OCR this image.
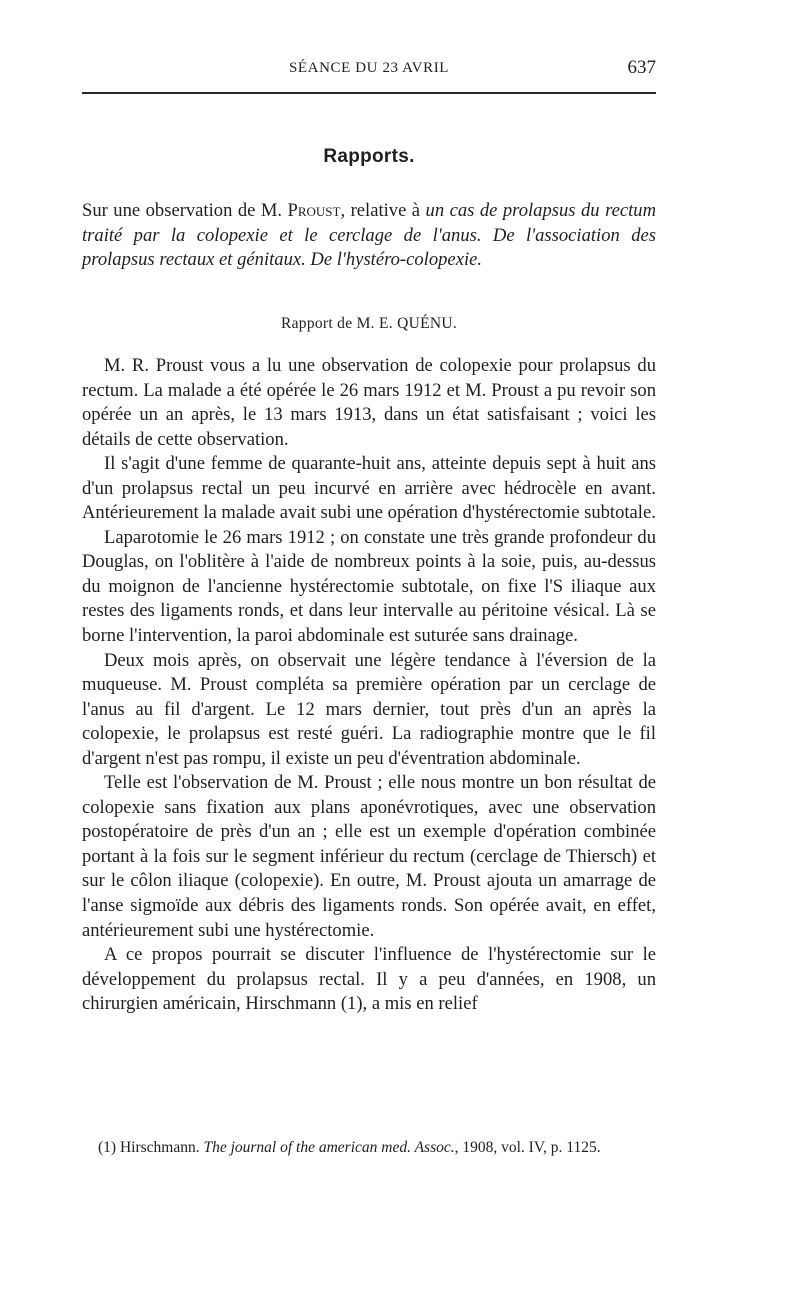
SÉANCE DU 23 AVRIL	637
Rapports.

Sur une observation de M. Proust, relative à un cas de prolapsus du rectum traité par la colopexie et le cerclage de l'anus. De l'association des prolapsus rectaux et génitaux. De l'hystéro-colopexie.

Rapport de M. E. QUÉNU.

M. R. Proust vous a lu une observation de colopexie pour prolapsus du rectum. La malade a été opérée le 26 mars 1912 et M. Proust a pu revoir son opérée un an après, le 13 mars 1913, dans un état satisfaisant ; voici les détails de cette observation.

Il s'agit d'une femme de quarante-huit ans, atteinte depuis sept à huit ans d'un prolapsus rectal un peu incurvé en arrière avec hédrocèle en avant. Antérieurement la malade avait subi une opération d'hystérectomie subtotale.

Laparotomie le 26 mars 1912 ; on constate une très grande profondeur du Douglas, on l'oblitère à l'aide de nombreux points à la soie, puis, au-dessus du moignon de l'ancienne hystérectomie subtotale, on fixe l'S iliaque aux restes des ligaments ronds, et dans leur intervalle au péritoine vésical. Là se borne l'intervention, la paroi abdominale est suturée sans drainage.

Deux mois après, on observait une légère tendance à l'éversion de la muqueuse. M. Proust compléta sa première opération par un cerclage de l'anus au fil d'argent. Le 12 mars dernier, tout près d'un an après la colopexie, le prolapsus est resté guéri. La radiographie montre que le fil d'argent n'est pas rompu, il existe un peu d'éventration abdominale.

Telle est l'observation de M. Proust ; elle nous montre un bon résultat de colopexie sans fixation aux plans aponévrotiques, avec une observation postopératoire de près d'un an ; elle est un exemple d'opération combinée portant à la fois sur le segment inférieur du rectum (cerclage de Thiersch) et sur le côlon iliaque (colopexie). En outre, M. Proust ajouta un amarrage de l'anse sigmoïde aux débris des ligaments ronds. Son opérée avait, en effet, antérieurement subi une hystérectomie.

A ce propos pourrait se discuter l'influence de l'hystérectomie sur le développement du prolapsus rectal. Il y a peu d'années, en 1908, un chirurgien américain, Hirschmann (1), a mis en relief

(1) Hirschmann. The journal of the american med. Assoc., 1908, vol. IV, p. 1125.
